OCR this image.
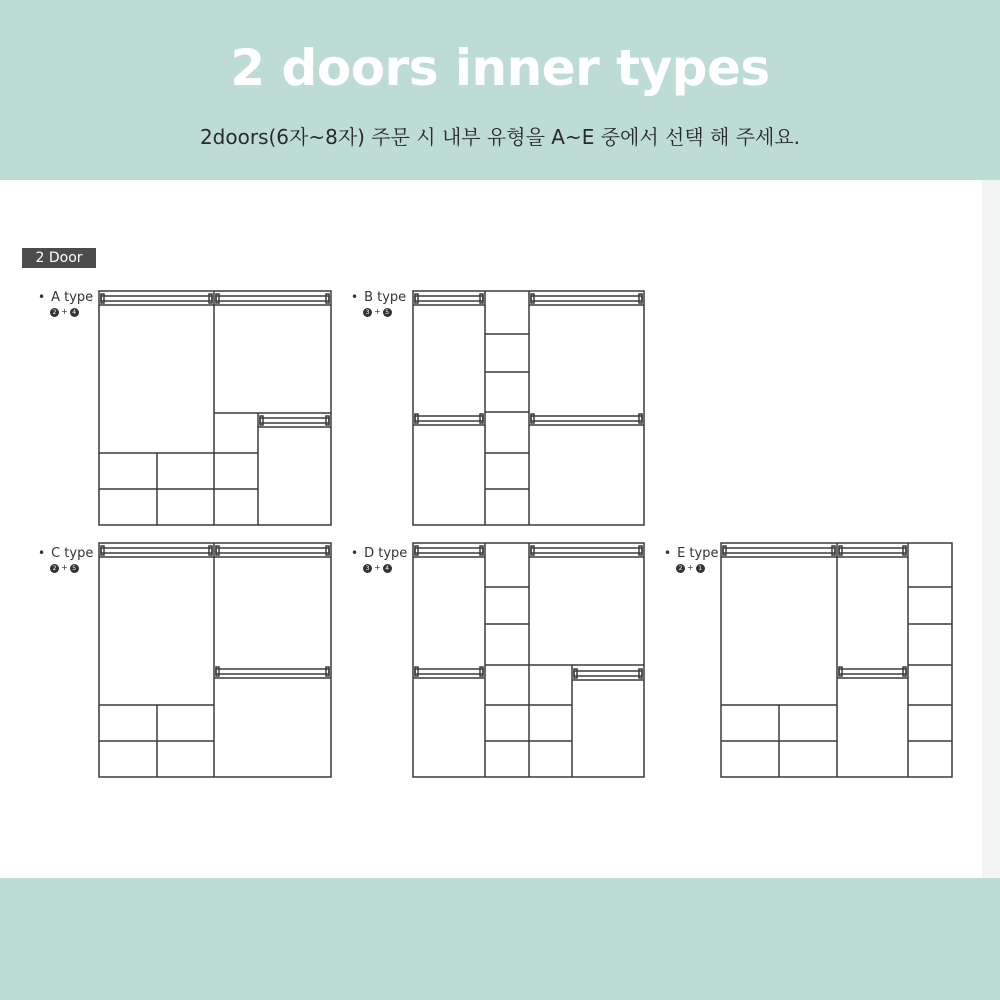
2 doors inner types
2doors(6자~8자) 주문 시 내부 유형을 A~E 중에서 선택 해 주세요.
2 Door
• A type
2 + 4
• B type
3 + 5
• C type
2 + 5
• D type
3 + 4
• E type
2 + 1
